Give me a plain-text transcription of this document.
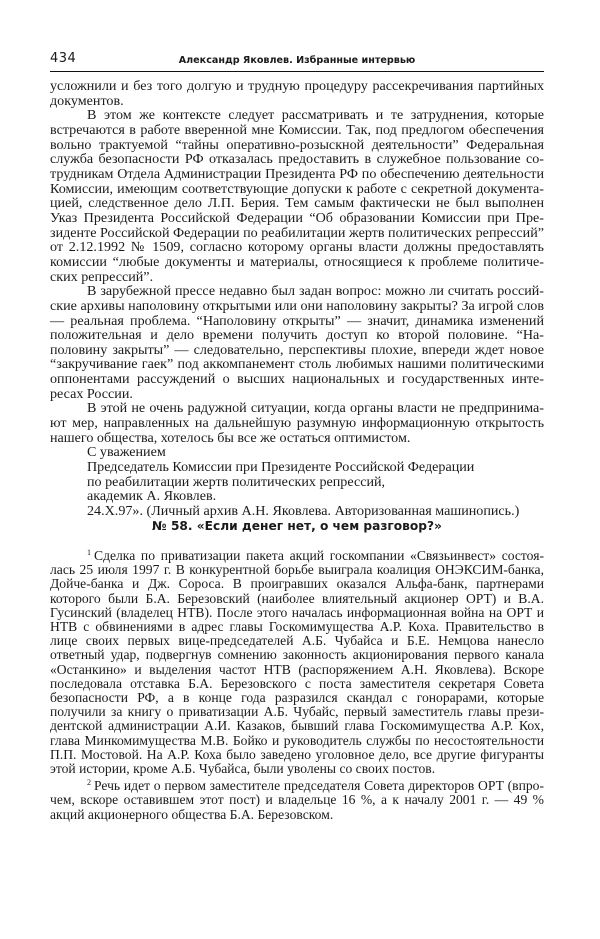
434	Александр Яковлев. Избранные интервью

усложнили и без того долгую и трудную процедуру рассекречивания партийных документов.

В этом же контексте следует рассматривать и те затруднения, которые встречаются в работе вверенной мне Комиссии. Так, под предлогом обеспечения вольно трактуемой “тайны оперативно-розыскной деятельности” Федеральная служба безопасности РФ отказалась предоставить в служебное пользование сотрудникам Отдела Администрации Президента РФ по обеспечению деятельности Комиссии, имеющим соответствующие допуски к работе с секретной документацией, следственное дело Л.П. Берия. Тем самым фактически не был выполнен Указ Президента Российской Федерации “Об образовании Комиссии при Президенте Российской Федерации по реабилитации жертв политических репрессий” от 2.12.1992 № 1509, согласно которому органы власти должны предоставлять комиссии “любые документы и материалы, относящиеся к проблеме политических репрессий”.

В зарубежной прессе недавно был задан вопрос: можно ли считать российские архивы наполовину открытыми или они наполовину закрыты? За игрой слов — реальная проблема. “Наполовину открыты” — значит, динамика изменений положительная и дело времени получить доступ ко второй половине. “Наполовину закрыты” — следовательно, перспективы плохие, впереди ждет новое “закручивание гаек” под аккомпанемент столь любимых нашими политическими оппонентами рассуждений о высших национальных и государственных интересах России.

В этой не очень радужной ситуации, когда органы власти не предпринимают мер, направленных на дальнейшую разумную информационную открытость нашего общества, хотелось бы все же остаться оптимистом.

С уважением
Председатель Комиссии при Президенте Российской Федерации
по реабилитации жертв политических репрессий,
академик А. Яковлев.
24.X.97». (Личный архив А.Н. Яковлева. Авторизованная машинопись.)
№ 58. «Если денег нет, о чем разговор?»

$^1$ Сделка по приватизации пакета акций госкомпании «Связьинвест» состоялась 25 июля 1997 г. В конкурентной борьбе выиграла коалиция ОНЭКСИМ-банка, Дойче-банка и Дж. Сороса. В проигравших оказался Альфа-банк, партнерами которого были Б.А. Березовский (наиболее влиятельный акционер ОРТ) и В.А. Гусинский (владелец НТВ). После этого началась информационная война на ОРТ и НТВ с обвинениями в адрес главы Госкомимущества А.Р. Коха. Правительство в лице своих первых вице-председателей А.Б. Чубайса и Б.Е. Немцова нанесло ответный удар, подвергнув сомнению законность акционирования первого канала «Останкино» и выделения частот НТВ (распоряжением А.Н. Яковлева). Вскоре последовала отставка Б.А. Березовского с поста заместителя секретаря Совета безопасности РФ, а в конце года разразился скандал с гонорарами, которые получили за книгу о приватизации А.Б. Чубайс, первый заместитель главы президентской администрации А.И. Казаков, бывший глава Госкомимущества А.Р. Кох, глава Минкомимущества М.В. Бойко и руководитель службы по несостоятельности П.П. Мостовой. На А.Р. Коха было заведено уголовное дело, все другие фигуранты этой истории, кроме А.Б. Чубайса, были уволены со своих постов.

$^2$ Речь идет о первом заместителе председателя Совета директоров ОРТ (впрочем, вскоре оставившем этот пост) и владельце 16 %, а к началу 2001 г. — 49 % акций акционерного общества Б.А. Березовском.
